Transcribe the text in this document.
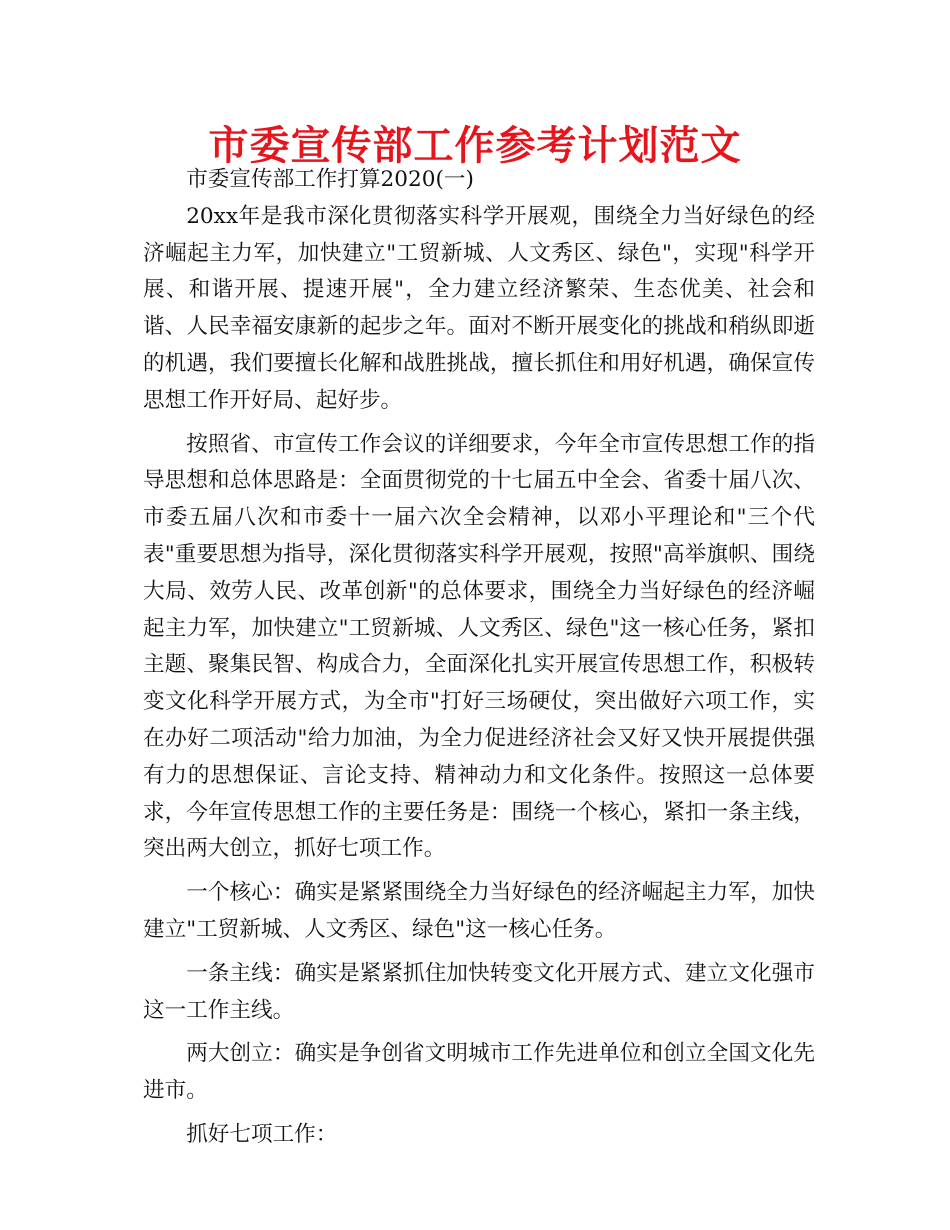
市委宣传部工作参考计划范文

市委宣传部工作打算2020(一)

20xx年是我市深化贯彻落实科学开展观，围绕全力当好绿色的经济崛起主力军，加快建立"工贸新城、人文秀区、绿色"，实现"科学开展、和谐开展、提速开展"，全力建立经济繁荣、生态优美、社会和谐、人民幸福安康新的起步之年。面对不断开展变化的挑战和稍纵即逝的机遇，我们要擅长化解和战胜挑战，擅长抓住和用好机遇，确保宣传思想工作开好局、起好步。

按照省、市宣传工作会议的详细要求，今年全市宣传思想工作的指导思想和总体思路是：全面贯彻党的十七届五中全会、省委十届八次、市委五届八次和市委十一届六次全会精神，以邓小平理论和"三个代表"重要思想为指导，深化贯彻落实科学开展观，按照"高举旗帜、围绕大局、效劳人民、改革创新"的总体要求，围绕全力当好绿色的经济崛起主力军，加快建立"工贸新城、人文秀区、绿色"这一核心任务，紧扣主题、聚集民智、构成合力，全面深化扎实开展宣传思想工作，积极转变文化科学开展方式，为全市"打好三场硬仗，突出做好六项工作，实在办好二项活动"给力加油，为全力促进经济社会又好又快开展提供强有力的思想保证、言论支持、精神动力和文化条件。按照这一总体要求，今年宣传思想工作的主要任务是：围绕一个核心，紧扣一条主线，突出两大创立，抓好七项工作。

一个核心：确实是紧紧围绕全力当好绿色的经济崛起主力军，加快建立"工贸新城、人文秀区、绿色"这一核心任务。

一条主线：确实是紧紧抓住加快转变文化开展方式、建立文化强市这一工作主线。

两大创立：确实是争创省文明城市工作先进单位和创立全国文化先进市。

抓好七项工作：
